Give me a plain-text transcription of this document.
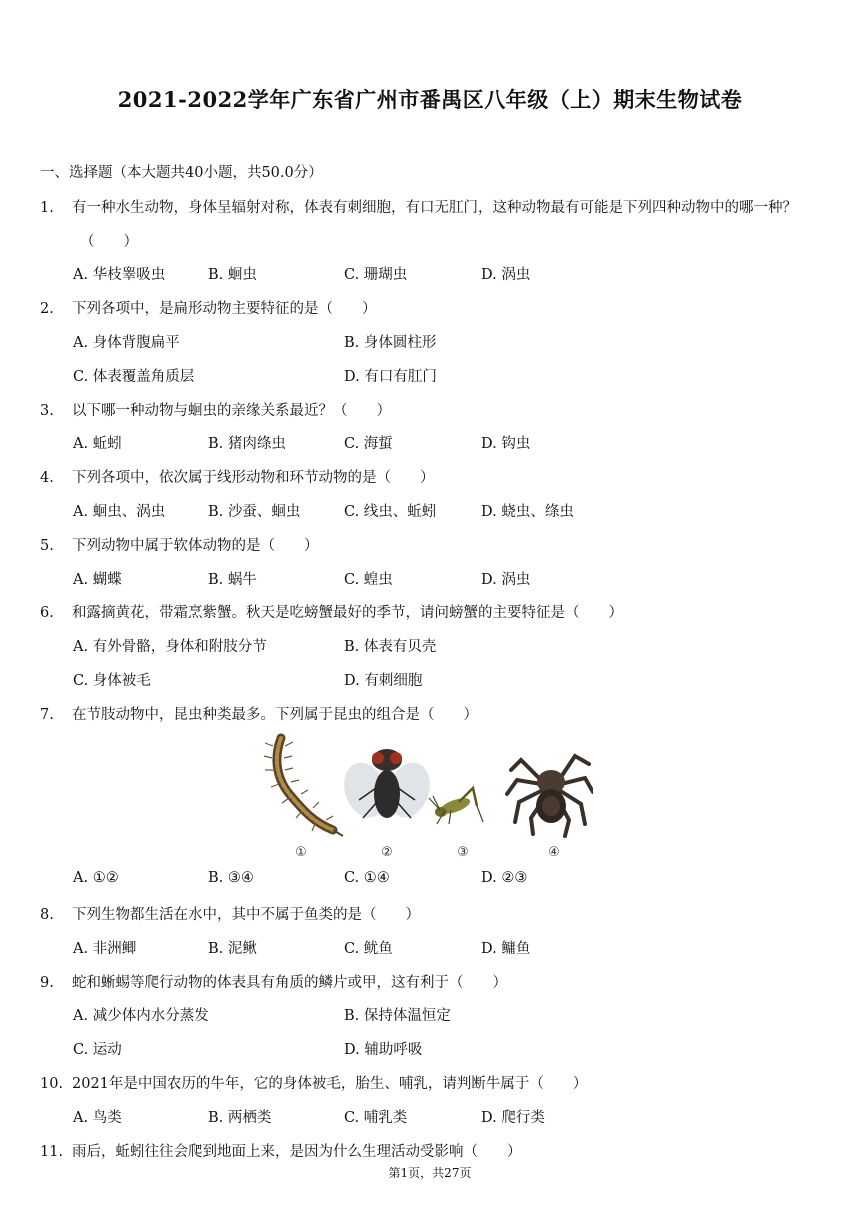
2021-2022学年广东省广州市番禺区八年级（上）期末生物试卷
一、选择题（本大题共40小题，共50.0分）
1. 有一种水生动物，身体呈辐射对称，体表有刺细胞，有口无肛门，这种动物最有可能是下列四种动物中的哪一种？
（　　）
A. 华枝睾吸虫	B. 蛔虫	C. 珊瑚虫	D. 涡虫
2. 下列各项中，是扁形动物主要特征的是（　　）
A. 身体背腹扁平	B. 身体圆柱形
C. 体表覆盖角质层	D. 有口有肛门
3. 以下哪一种动物与蛔虫的亲缘关系最近？（　　）
A. 蚯蚓	B. 猪肉绦虫	C. 海蜇	D. 钩虫
4. 下列各项中，依次属于线形动物和环节动物的是（　　）
A. 蛔虫、涡虫	B. 沙蚕、蛔虫	C. 线虫、蚯蚓	D. 蛲虫、绦虫
5. 下列动物中属于软体动物的是（　　）
A. 蝴蝶	B. 蜗牛	C. 蝗虫	D. 涡虫
6. 和露摘黄花，带霜烹紫蟹。秋天是吃螃蟹最好的季节，请问螃蟹的主要特征是（　　）
A. 有外骨骼，身体和附肢分节	B. 体表有贝壳
C. 身体被毛	D. 有刺细胞
7. 在节肢动物中，昆虫种类最多。下列属于昆虫的组合是（　　）
①	②	③	④
A. ①②	B. ③④	C. ①④	D. ②③
8. 下列生物都生活在水中，其中不属于鱼类的是（　　）
A. 非洲鲫	B. 泥鳅	C. 鱿鱼	D. 鳙鱼
9. 蛇和蜥蜴等爬行动物的体表具有角质的鳞片或甲，这有利于（　　）
A. 减少体内水分蒸发	B. 保持体温恒定
C. 运动	D. 辅助呼吸
10. 2021年是中国农历的牛年，它的身体被毛，胎生、哺乳，请判断牛属于（　　）
A. 鸟类	B. 两栖类	C. 哺乳类	D. 爬行类
11. 雨后，蚯蚓往往会爬到地面上来，是因为什么生理活动受影响（　　）
第1页，共27页
